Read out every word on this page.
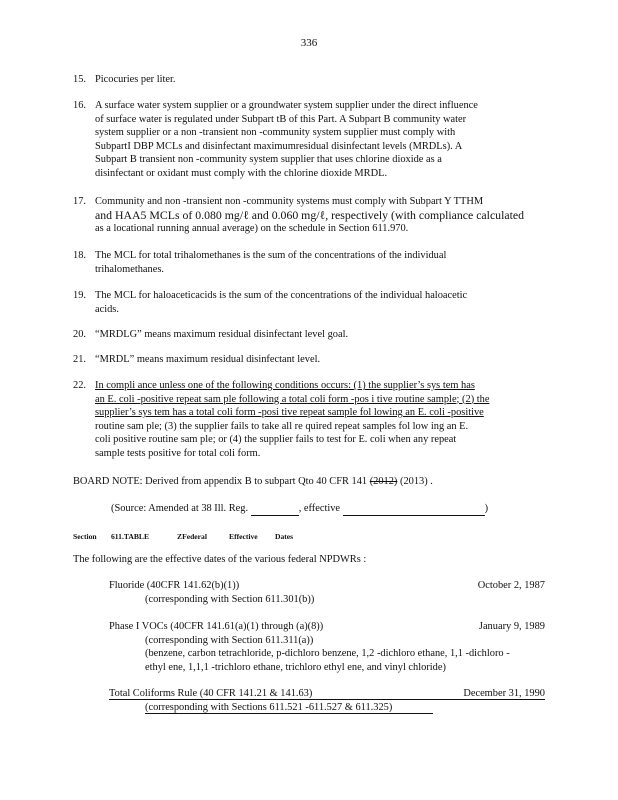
336
15. Picocuries per liter.
16. A surface water system supplier or a groundwater system supplier under the direct influence
of surface water is regulated under Subpart tB of this Part. A Subpart B community water
system supplier or a non -transient non -community system supplier must comply with
SubpartI DBP MCLs and disinfectant maximumresidual disinfectant levels (MRDLs). A
Subpart B transient non -community system supplier that uses chlorine dioxide as a
disinfectant or oxidant must comply with the chlorine dioxide MRDL.
17. Community and non -transient non -community systems must comply with Subpart Y TTHM
and HAA5 MCLs of 0.080 mg/ℓ and 0.060 mg/ℓ, respectively (with compliance calculated
as a locational running annual average) on the schedule in Section 611.970.
18. The MCL for total trihalomethanes is the sum of the concentrations of the individual
trihalomethanes.
19. The MCL for haloaceticacids is the sum of the concentrations of the individual haloacetic
acids.
20. “MRDLG” means maximum residual disinfectant level goal.
21. “MRDL” means maximum residual disinfectant level.
22. In compli ance unless one of the following conditions occurs: (1) the supplier’s sys tem has
an E. coli -positive repeat sam ple following a total coli form -pos i tive routine sample; (2) the
supplier’s sys tem has a total coli form -posi tive repeat sample fol lowing an E. coli -positive
routine sam ple; (3) the supplier fails to take all re quired repeat samples fol low ing an E.
coli positive routine sam ple; or (4) the supplier fails to test for E. coli when any repeat
sample tests positive for total coli form.
BOARD NOTE: Derived from appendix B to subpart Qto 40 CFR 141 (2012) (2013) .
(Source: Amended at 38 Ill. Reg.	, effective	)
Section 611.TABLE	ZFederal	Effective Dates
The following are the effective dates of the various federal NPDWRs :
Fluoride (40CFR 141.62(b)(1))	October 2, 1987
(corresponding with Section 611.301(b))
Phase I VOCs (40CFR 141.61(a)(1) through (a)(8))	January 9, 1989
(corresponding with Section 611.311(a))
(benzene, carbon tetrachloride, p-dichloro benzene, 1,2 -dichloro ethane, 1,1 -dichloro -
ethyl ene, 1,1,1 -trichloro ethane, trichloro ethyl ene, and vinyl chloride)
Total Coliforms Rule (40 CFR 141.21 & 141.63)	December 31, 1990
(corresponding with Sections 611.521 -611.527 & 611.325)
